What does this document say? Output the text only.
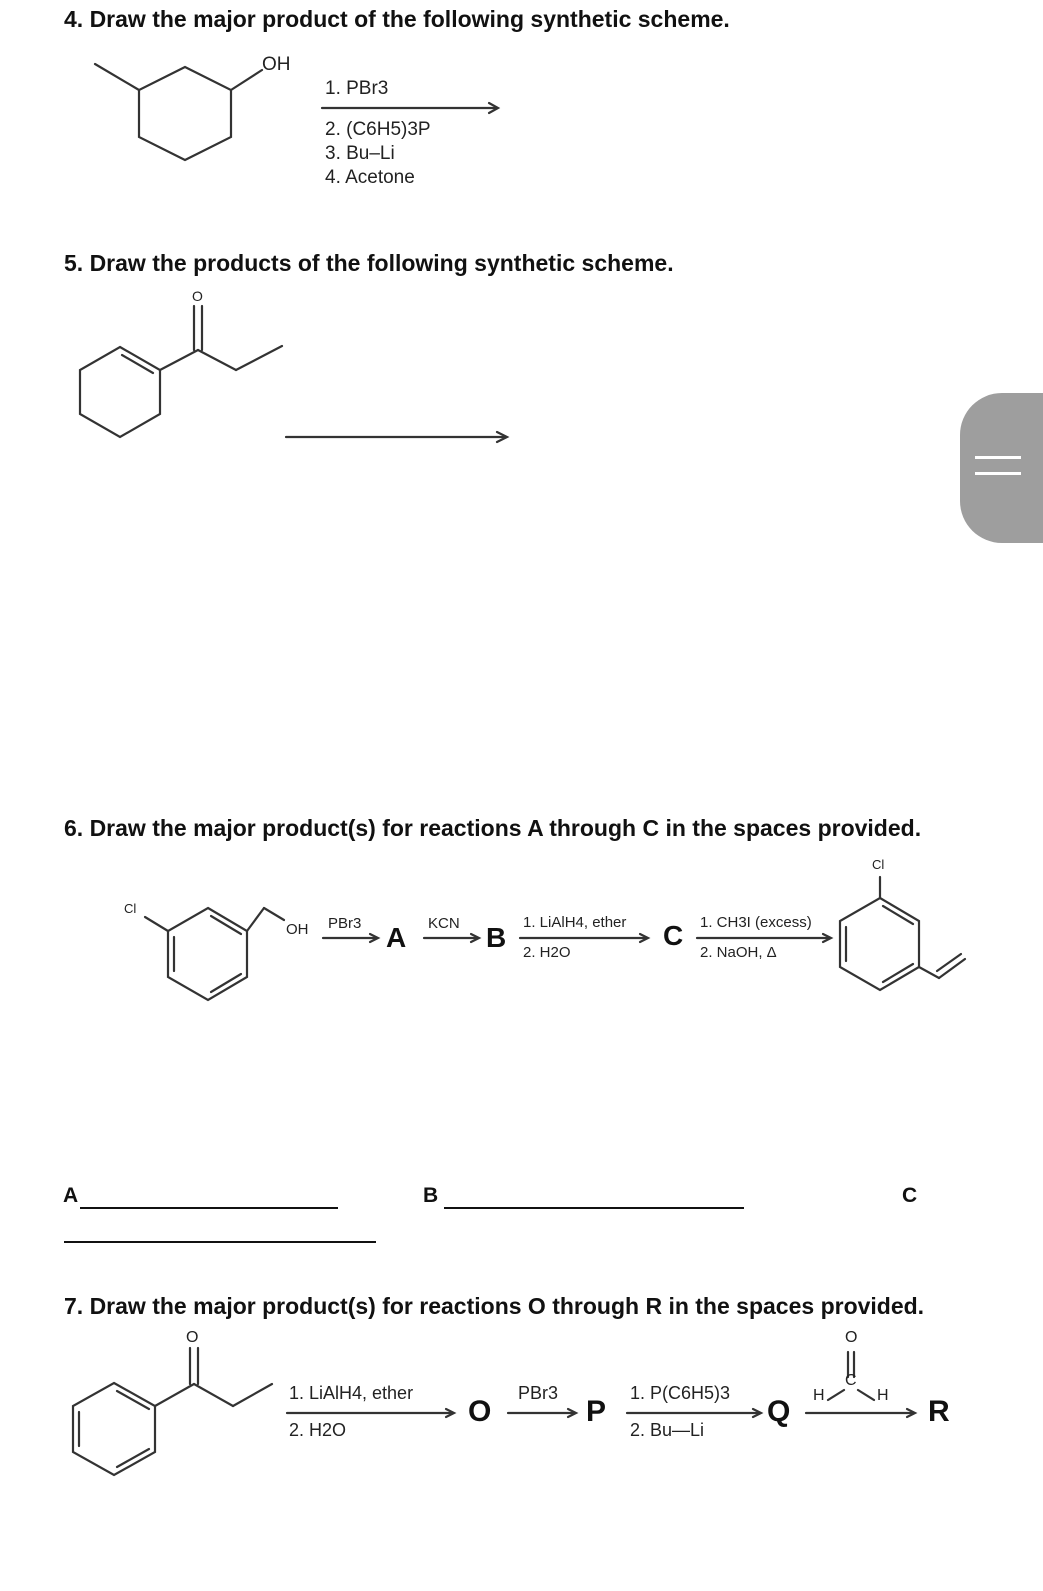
4. Draw the major product of the following synthetic scheme.
OH
1. PBr3
2. (C6H5)3P
3. Bu–Li
4. Acetone
5. Draw the products of the following synthetic scheme.
O
6. Draw the major product(s) for reactions A through C in the spaces provided.
Cl
OH PBr3 A KCN B 1. LiAlH4, ether
2. H2O
C 1. CH3I (excess)
2. NaOH, Δ
Cl
A	B	C
7. Draw the major product(s) for reactions O through R in the spaces provided.
O
1. LiAlH4, ether
2. H2O
O
PBr3
P
1. P(C6H5)3
2. Bu—Li
Q
O
C
H	H R
